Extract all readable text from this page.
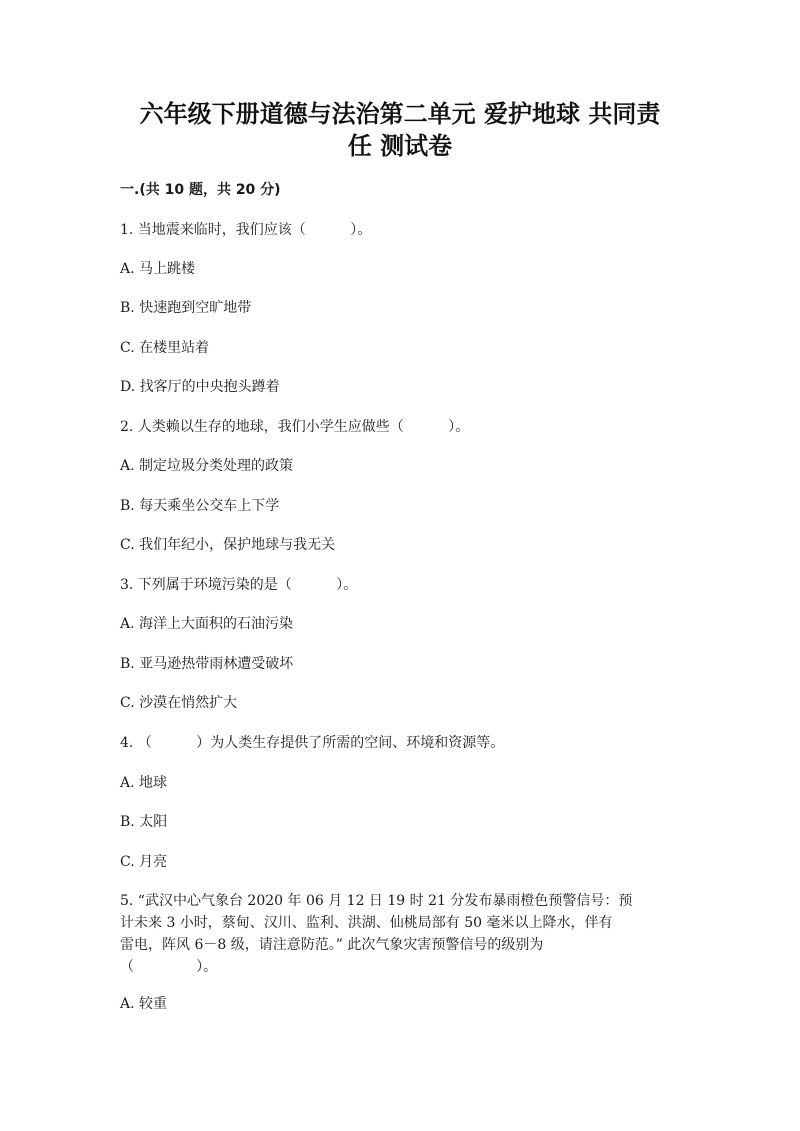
六年级下册道德与法治第二单元 爱护地球 共同责
任 测试卷
一.(共 10 题，共 20 分)
1. 当地震来临时，我们应该（          ）。
A. 马上跳楼
B. 快速跑到空旷地带
C. 在楼里站着
D. 找客厅的中央抱头蹲着
2. 人类赖以生存的地球，我们小学生应做些（          ）。
A. 制定垃圾分类处理的政策
B. 每天乘坐公交车上下学
C. 我们年纪小，保护地球与我无关
3. 下列属于环境污染的是（          ）。
A. 海洋上大面积的石油污染
B. 亚马逊热带雨林遭受破坏
C. 沙漠在悄然扩大
4. （          ）为人类生存提供了所需的空间、环境和资源等。
A. 地球
B. 太阳
C. 月亮
5. “武汉中心气象台 2020 年 06 月 12 日 19 时 21 分发布暴雨橙色预警信号：预
计未来 3 小时，蔡甸、汉川、监利、洪湖、仙桃局部有 50 毫米以上降水，伴有
雷电，阵风 6－8 级，请注意防范。” 此次气象灾害预警信号的级别为
（              ）。
A. 较重
